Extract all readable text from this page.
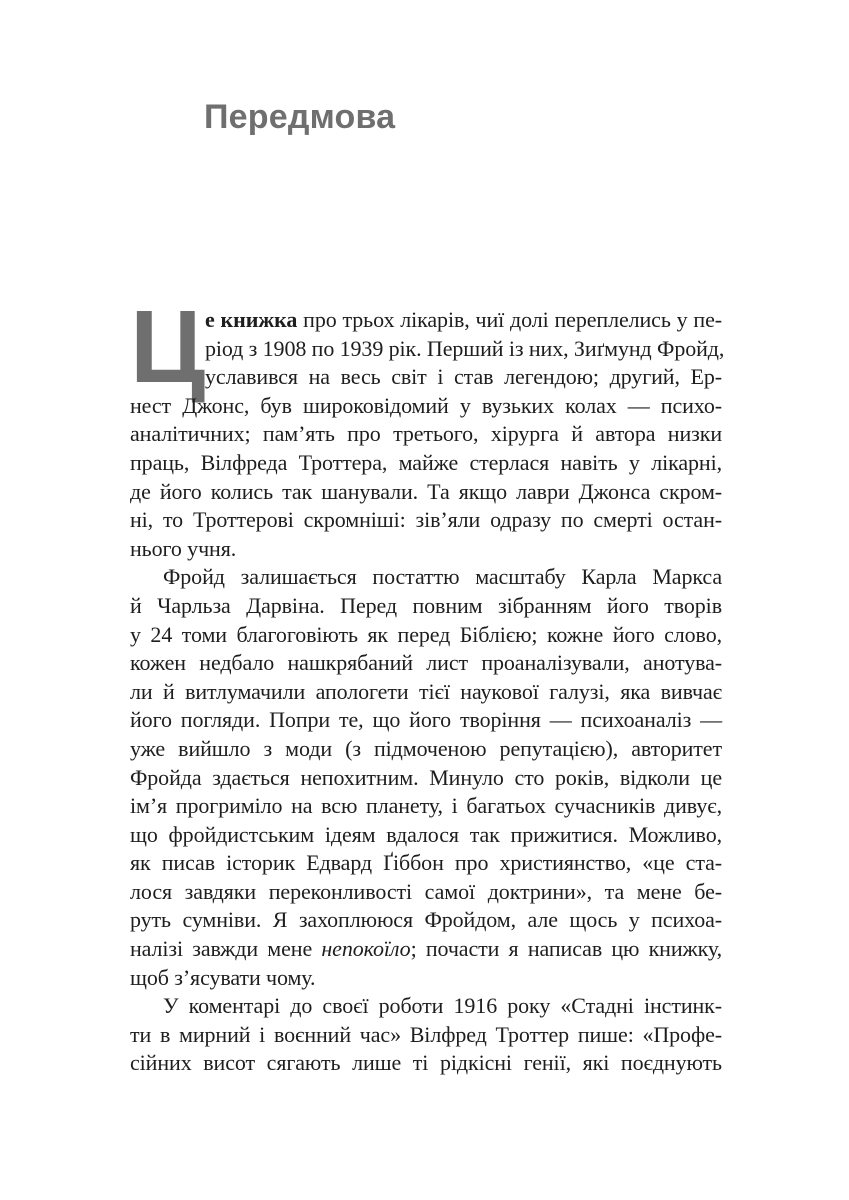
Передмова
Ц е книжка про трьох лікарів, чиї долі переплелись у пе-
ріод з 1908 по 1939 рік. Перший із них, Зиґмунд Фройд,
уславився на весь світ і став легендою; другий, Ер-
нест Джонс, був широковідомий у вузьких колах — психо-
аналітичних; пам’ять про третього, хірурга й автора низки
праць, Вілфреда Троттера, майже стерлася навіть у лікарні,
де його колись так шанували. Та якщо лаври Джонса скром-
ні, то Троттерові скромніші: зів’яли одразу по смерті остан-
нього учня.
Фройд залишається постаттю масштабу Карла Маркса
й Чарльза Дарвіна. Перед повним зібранням його творів
у 24 томи благоговіють як перед Біблією; кожне його слово,
кожен недбало нашкрябаний лист проаналізували, анотува-
ли й витлумачили апологети тієї наукової галузі, яка вивчає
його погляди. Попри те, що його творіння — психоаналіз —
уже вийшло з моди (з підмоченою репутацією), авторитет
Фройда здається непохитним. Минуло сто років, відколи це
ім’я прогриміло на всю планету, і багатьох сучасників дивує,
що фройдистським ідеям вдалося так прижитися. Можливо,
як писав історик Едвард Ґіббон про християнство, «це ста-
лося завдяки переконливості самої доктрини», та мене бе-
руть сумніви. Я захоплююся Фройдом, але щось у психоа-
налізі завжди мене непокоїло; почасти я написав цю книжку,
щоб з’ясувати чому.
У коментарі до своєї роботи 1916 року «Стадні інстинк-
ти в мирний і воєнний час» Вілфред Троттер пише: «Профе-
сійних висот сягають лише ті рідкісні генії, які поєднують
